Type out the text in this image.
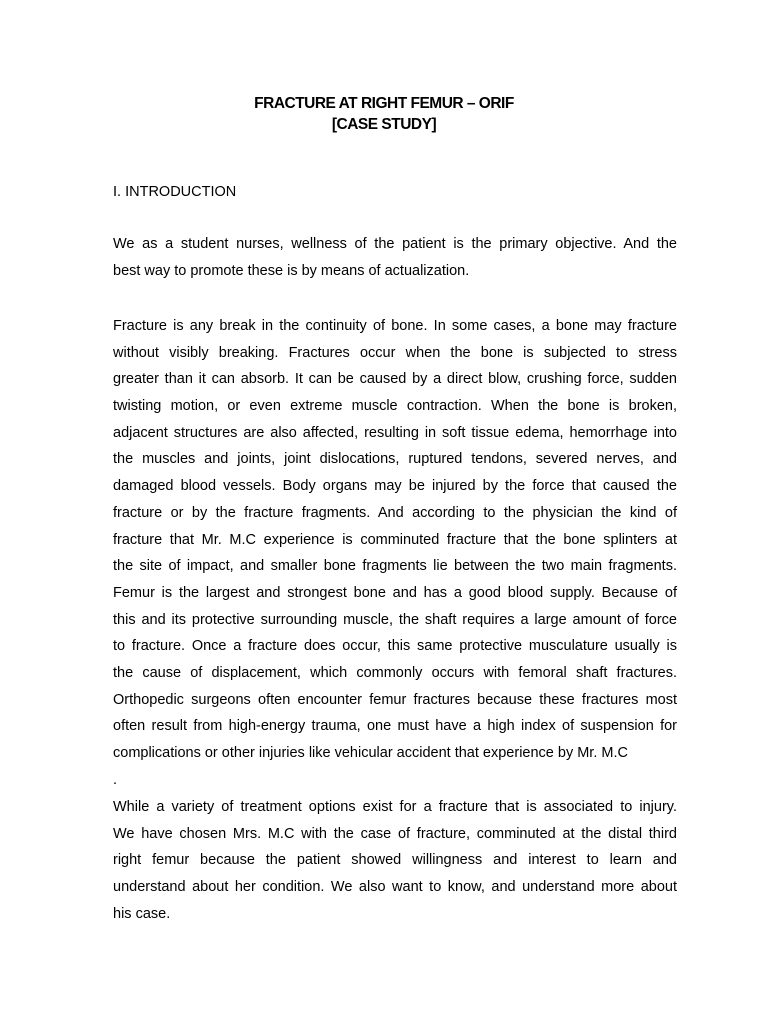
FRACTURE AT RIGHT FEMUR – ORIF
[CASE STUDY]
I. INTRODUCTION
We as a student nurses, wellness of the patient is the primary objective. And the
best way to promote these is by means of actualization.
Fracture is any break in the continuity of bone. In some cases, a bone may fracture
without visibly breaking. Fractures occur when the bone is subjected to stress
greater than it can absorb. It can be caused by a direct blow, crushing force, sudden
twisting motion, or even extreme muscle contraction. When the bone is broken,
adjacent structures are also affected, resulting in soft tissue edema, hemorrhage into
the muscles and joints, joint dislocations, ruptured tendons, severed nerves, and
damaged blood vessels. Body organs may be injured by the force that caused the
fracture or by the fracture fragments. And according to the physician the kind of
fracture that Mr. M.C experience is comminuted fracture that the bone splinters at
the site of impact, and smaller bone fragments lie between the two main fragments.
Femur is the largest and strongest bone and has a good blood supply. Because of
this and its protective surrounding muscle, the shaft requires a large amount of force
to fracture. Once a fracture does occur, this same protective musculature usually is
the cause of displacement, which commonly occurs with femoral shaft fractures.
Orthopedic surgeons often encounter femur fractures because these fractures most
often result from high-energy trauma, one must have a high index of suspension for
complications or other injuries like vehicular accident that experience by Mr. M.C
.
While a variety of treatment options exist for a fracture that is associated to injury.
We have chosen Mrs. M.C with the case of fracture, comminuted at the distal third
right femur because the patient showed willingness and interest to learn and
understand about her condition. We also want to know, and understand more about
his case.
